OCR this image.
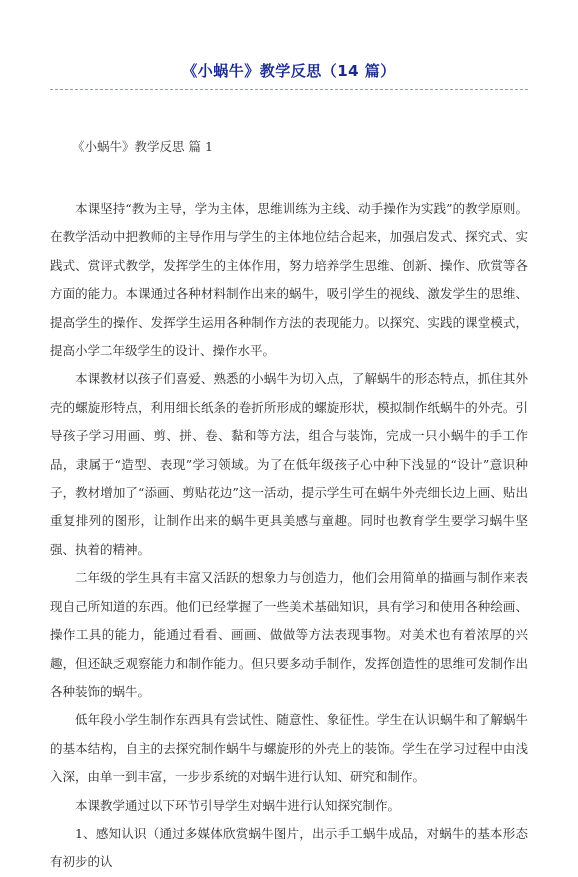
《小蜗牛》教学反思（14 篇）
《小蜗牛》教学反思 篇 1

本课坚持“教为主导，学为主体，思维训练为主线、动手操作为实践”的教学原则。在教学活动中把教师的主导作用与学生的主体地位结合起来，加强启发式、探究式、实践式、赏评式教学，发挥学生的主体作用，努力培养学生思维、创新、操作、欣赏等各方面的能力。本课通过各种材料制作出来的蜗牛，吸引学生的视线、激发学生的思维、提高学生的操作、发挥学生运用各种制作方法的表现能力。以探究、实践的课堂模式，提高小学二年级学生的设计、操作水平。

本课教材以孩子们喜爱、熟悉的小蜗牛为切入点，了解蜗牛的形态特点，抓住其外壳的螺旋形特点，利用细长纸条的卷折所形成的螺旋形状，模拟制作纸蜗牛的外壳。引导孩子学习用画、剪、拼、卷、黏和等方法，组合与装饰，完成一只小蜗牛的手工作品，隶属于“造型、表现”学习领域。为了在低年级孩子心中种下浅显的“设计”意识种子，教材增加了“添画、剪贴花边”这一活动，提示学生可在蜗牛外壳细长边上画、贴出重复排列的图形，让制作出来的蜗牛更具美感与童趣。同时也教育学生要学习蜗牛坚强、执着的精神。

二年级的学生具有丰富又活跃的想象力与创造力，他们会用简单的描画与制作来表现自己所知道的东西。他们已经掌握了一些美术基础知识，具有学习和使用各种绘画、操作工具的能力，能通过看看、画画、做做等方法表现事物。对美术也有着浓厚的兴趣，但还缺乏观察能力和制作能力。但只要多动手制作，发挥创造性的思维可发制作出各种装饰的蜗牛。

低年段小学生制作东西具有尝试性、随意性、象征性。学生在认识蜗牛和了解蜗牛的基本结构，自主的去探究制作蜗牛与螺旋形的外壳上的装饰。学生在学习过程中由浅入深，由单一到丰富，一步步系统的对蜗牛进行认知、研究和制作。

本课教学通过以下环节引导学生对蜗牛进行认知探究制作。

1、感知认识（通过多媒体欣赏蜗牛图片，出示手工蜗牛成品，对蜗牛的基本形态有初步的认
